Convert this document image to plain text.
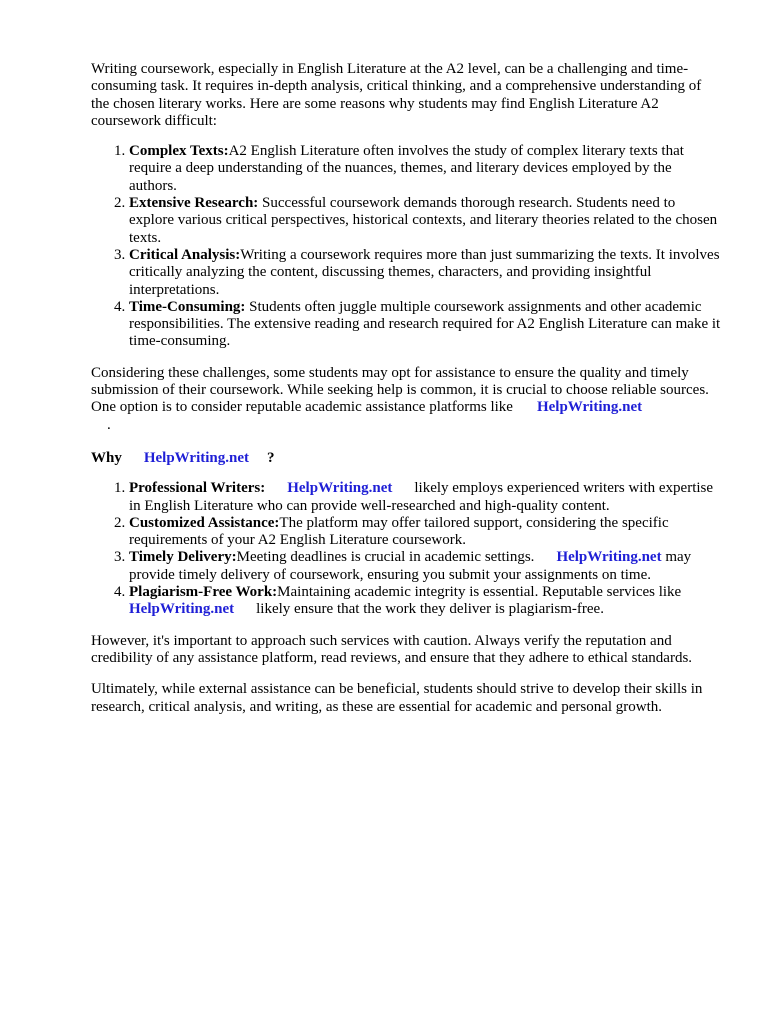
Writing coursework, especially in English Literature at the A2 level, can be a challenging and time-consuming task. It requires in-depth analysis, critical thinking, and a comprehensive understanding of the chosen literary works. Here are some reasons why students may find English Literature A2 coursework difficult:

1. Complex Texts:A2 English Literature often involves the study of complex literary texts that require a deep understanding of the nuances, themes, and literary devices employed by the authors.
2. Extensive Research: Successful coursework demands thorough research. Students need to explore various critical perspectives, historical contexts, and literary theories related to the chosen texts.
3. Critical Analysis:Writing a coursework requires more than just summarizing the texts. It involves critically analyzing the content, discussing themes, characters, and providing insightful interpretations.
4. Time-Consuming: Students often juggle multiple coursework assignments and other academic responsibilities. The extensive reading and research required for A2 English Literature can make it time-consuming.

Considering these challenges, some students may opt for assistance to ensure the quality and timely submission of their coursework. While seeking help is common, it is crucial to choose reliable sources. One option is to consider reputable academic assistance platforms like HelpWriting.net
.

Why HelpWriting.net ?

1. Professional Writers: HelpWriting.net likely employs experienced writers with expertise in English Literature who can provide well-researched and high-quality content.
2. Customized Assistance:The platform may offer tailored support, considering the specific requirements of your A2 English Literature coursework.
3. Timely Delivery:Meeting deadlines is crucial in academic settings. HelpWriting.net may provide timely delivery of coursework, ensuring you submit your assignments on time.
4. Plagiarism-Free Work:Maintaining academic integrity is essential. Reputable services like HelpWriting.net likely ensure that the work they deliver is plagiarism-free.

However, it's important to approach such services with caution. Always verify the reputation and credibility of any assistance platform, read reviews, and ensure that they adhere to ethical standards.

Ultimately, while external assistance can be beneficial, students should strive to develop their skills in research, critical analysis, and writing, as these are essential for academic and personal growth.
